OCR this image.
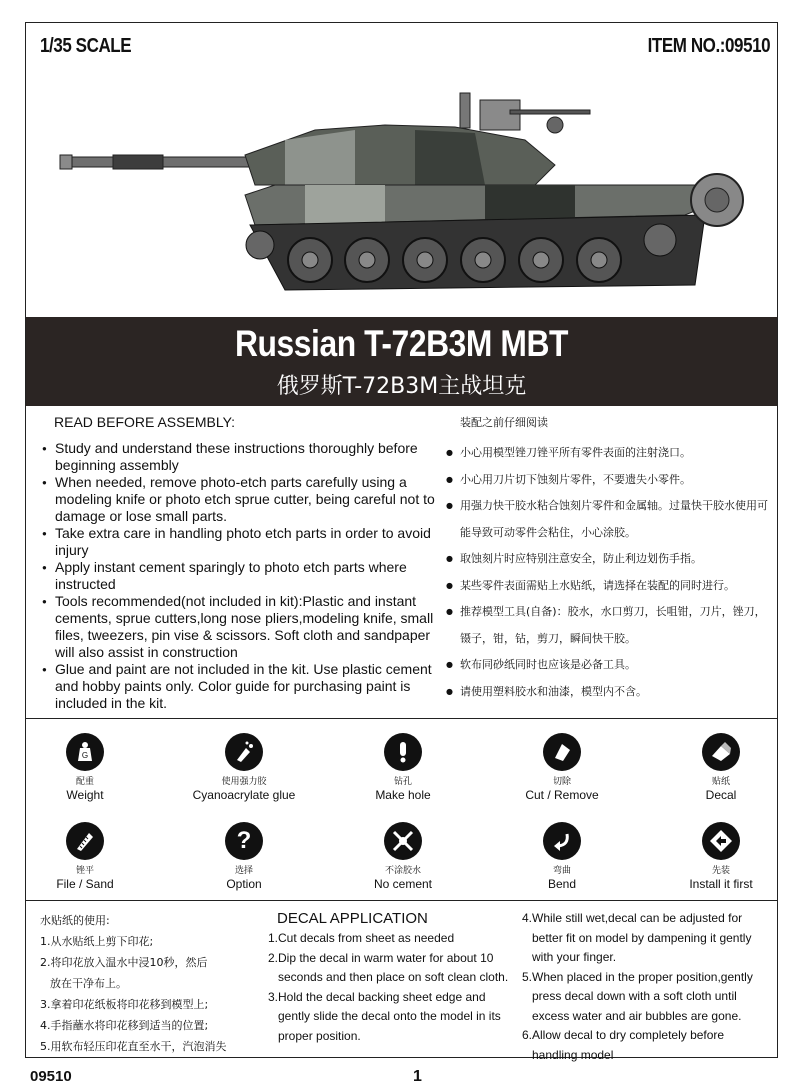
1/35 SCALE	ITEM NO.:09510
Russian T-72B3M MBT
俄罗斯T-72B3M主战坦克
READ BEFORE ASSEMBLY:
● Study and understand these instructions thoroughly before beginning assembly
● When needed, remove photo-etch parts carefully using a modeling knife or photo etch sprue cutter, being careful not to damage or lose small parts.
● Take extra care in handling photo etch parts in order to avoid injury
● Apply instant cement sparingly to photo etch parts where instructed
● Tools recommended(not included in kit):Plastic and instant cements, sprue cutters,long nose pliers,modeling knife, small files, tweezers, pin vise & scissors. Soft cloth and sandpaper will also assist in construction
● Glue and paint are not included in the kit. Use plastic cement and hobby paints only. Color guide for purchasing paint is included in the kit.
装配之前仔细阅读
● 小心用模型锉刀锉平所有零件表面的注射浇口。
● 小心用刀片切下蚀刻片零件，不要遗失小零件。
● 用强力快干胶水粘合蚀刻片零件和金属轴。过量快干胶水使用可能导致可动零件会粘住，小心涂胶。
● 取蚀刻片时应特别注意安全，防止利边划伤手指。
● 某些零件表面需贴上水贴纸，请选择在装配的同时进行。
● 推荐模型工具(自备)：胶水，水口剪刀，长咀钳，刀片，锉刀，镊子，钳，钻，剪刀，瞬间快干胶。
● 软布同砂纸同时也应该是必备工具。
● 请使用塑料胶水和油漆，模型内不含。
G
配重
Weight
使用强力胶
Cyanoacrylate glue
钻孔
Make hole
切除
Cut / Remove
贴纸
Decal
锉平
File / Sand
?
选择
Option
不涂胶水
No cement
弯曲
Bend
先装
Install it first
水贴纸的使用:
1.从水贴纸上剪下印花;
2.将印花放入温水中浸10秒，然后
放在干净布上。
3.拿着印花纸板将印花移到模型上;
4.手指蘸水将印花移到适当的位置;
5.用软布轻压印花直至水干，汽泡消失
DECAL APPLICATION
1.Cut decals from sheet as needed
2.Dip the decal in warm water for about 10
seconds and then place on soft clean cloth.
3.Hold the decal backing sheet edge and
gently slide the decal onto the model in its
proper position.
4.While still wet,decal can be adjusted for
better fit on model by dampening it gently
with your finger.
5.When placed in the proper position,gently
press decal down with a soft cloth until
excess water and air bubbles are gone.
6.Allow decal to dry completely before
handling model
09510	1
